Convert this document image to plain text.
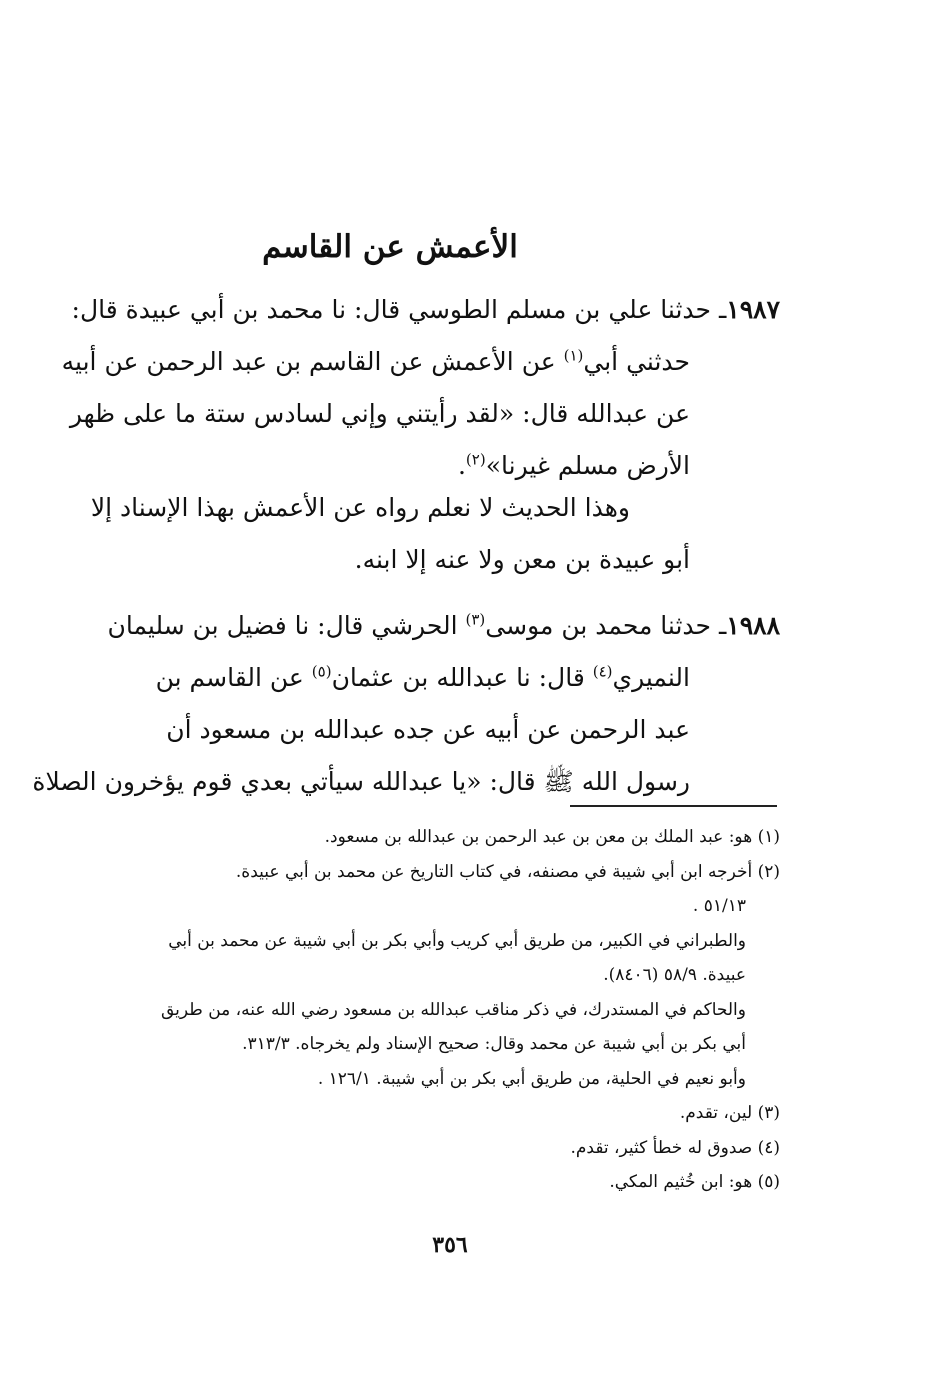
الأعمش عن القاسم
١٩٨٧ـ حدثنا علي بن مسلم الطوسي قال: نا محمد بن أبي عبيدة قال:
حدثني أبي$^{(١)}$ عن الأعمش عن القاسم بن عبد الرحمن عن أبيه
عن عبدالله قال: «لقد رأيتني وإني لسادس ستة ما على ظهر
الأرض مسلم غيرنا»$^{(٢)}$.
وهذا الحديث لا نعلم رواه عن الأعمش بهذا الإسناد إلا
أبو عبيدة بن معن ولا عنه إلا ابنه.
١٩٨٨ـ حدثنا محمد بن موسى$^{(٣)}$ الحرشي قال: نا فضيل بن سليمان
النميري$^{(٤)}$ قال: نا عبدالله بن عثمان$^{(٥)}$ عن القاسم بن
عبد الرحمن عن أبيه عن جده عبدالله بن مسعود أن
رسول الله ﷺ قال: «يا عبدالله سيأتي بعدي قوم يؤخرون الصلاة
(١) هو: عبد الملك بن معن بن عبد الرحمن بن عبدالله بن مسعود.
(٢) أخرجه ابن أبي شيبة في مصنفه، في كتاب التاريخ عن محمد بن أبي عبيدة.
٥١/١٣ .
والطبراني في الكبير، من طريق أبي كريب وأبي بكر بن أبي شيبة عن محمد بن أبي
عبيدة. ٥٨/٩ (٨٤٠٦).
والحاكم في المستدرك، في ذكر مناقب عبدالله بن مسعود رضي الله عنه، من طريق
أبي بكر بن أبي شيبة عن محمد وقال: صحيح الإسناد ولم يخرجاه. ٣١٣/٣.
وأبو نعيم في الحلية، من طريق أبي بكر بن أبي شيبة. ١٢٦/١ .
(٣) لين، تقدم.
(٤) صدوق له خطأ كثير، تقدم.
(٥) هو: ابن خُثيم المكي.
٣٥٦
